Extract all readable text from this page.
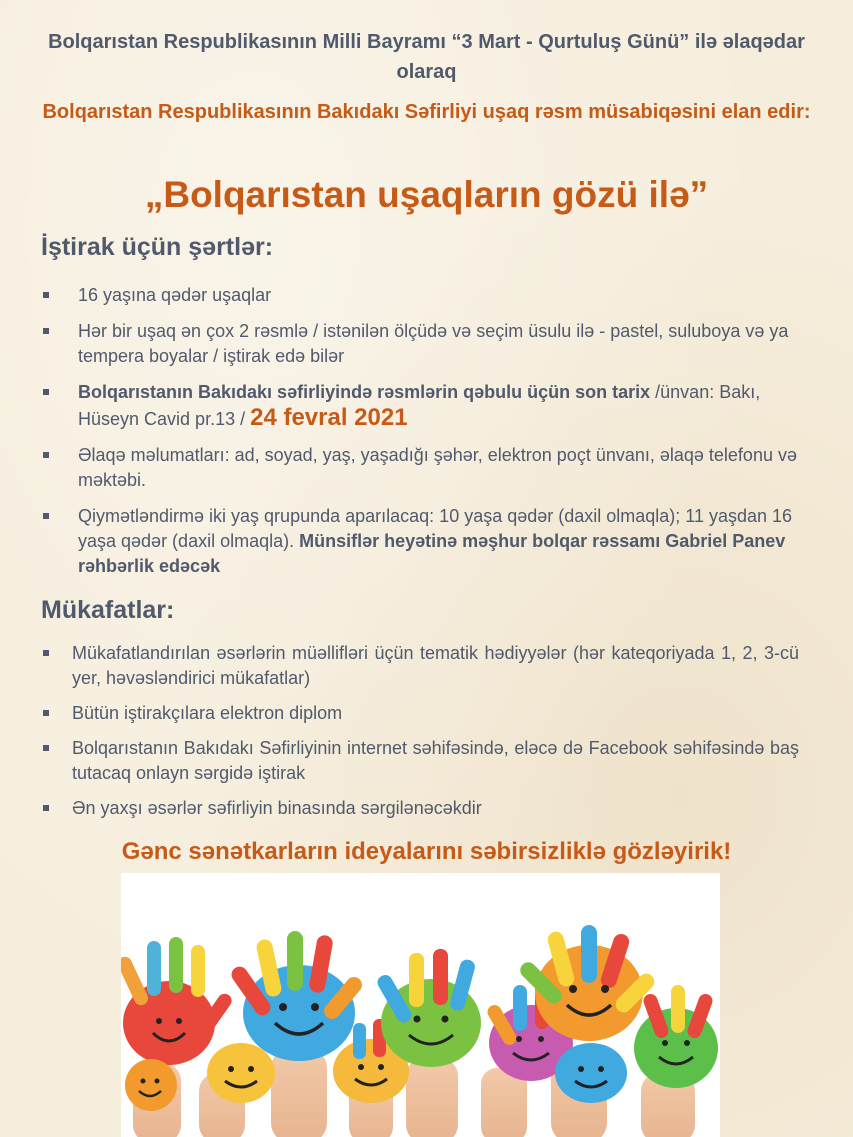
Bolqarıstan Respublikasının Milli Bayramı “3 Mart - Qurtuluş Günü” ilə əlaqədar olaraq
Bolqarıstan Respublikasının Bakıdakı Səfirliyi uşaq rəsm müsabiqəsini elan edir:
„Bolqarıstan uşaqların gözü ilə”
İştirak üçün şərtlər:
16 yaşına qədər uşaqlar
Hər bir uşaq ən çox 2 rəsmlə / istənilən ölçüdə və seçim üsulu ilə - pastel, suluboya və ya tempera boyalar / iştirak edə bilər
Bolqarıstanın Bakıdakı səfirliyində rəsmlərin qəbulu üçün son tarix /ünvan: Bakı, Hüseyn Cavid pr.13 / 24 fevral 2021
Əlaqə məlumatları: ad, soyad, yaş, yaşadığı şəhər, elektron poçt ünvanı, əlaqə telefonu və məktəbi.
Qiymətləndirmə iki yaş qrupunda aparılacaq: 10 yaşa qədər (daxil olmaqla); 11 yaşdan 16 yaşa qədər (daxil olmaqla). Münsiflər heyətinə məşhur bolqar rəssamı Gabriel Panev rəhbərlik edəcək
Mükafatlar:
Mükafatlandırılan əsərlərin müəllifləri üçün tematik hədiyyələr (hər kateqoriyada 1, 2, 3-cü yer, həvəsləndirici mükafatlar)
Bütün iştirakçılara elektron diplom
Bolqarıstanın Bakıdakı Səfirliyinin internet səhifəsində, eləcə də Facebook səhifəsində baş tutacaq onlayn sərgidə iştirak
Ən yaxşı əsərlər səfirliyin binasında sərgilənəcəkdir
Gənc sənətkarların ideyalarını səbirsizliklə gözləyirik!
